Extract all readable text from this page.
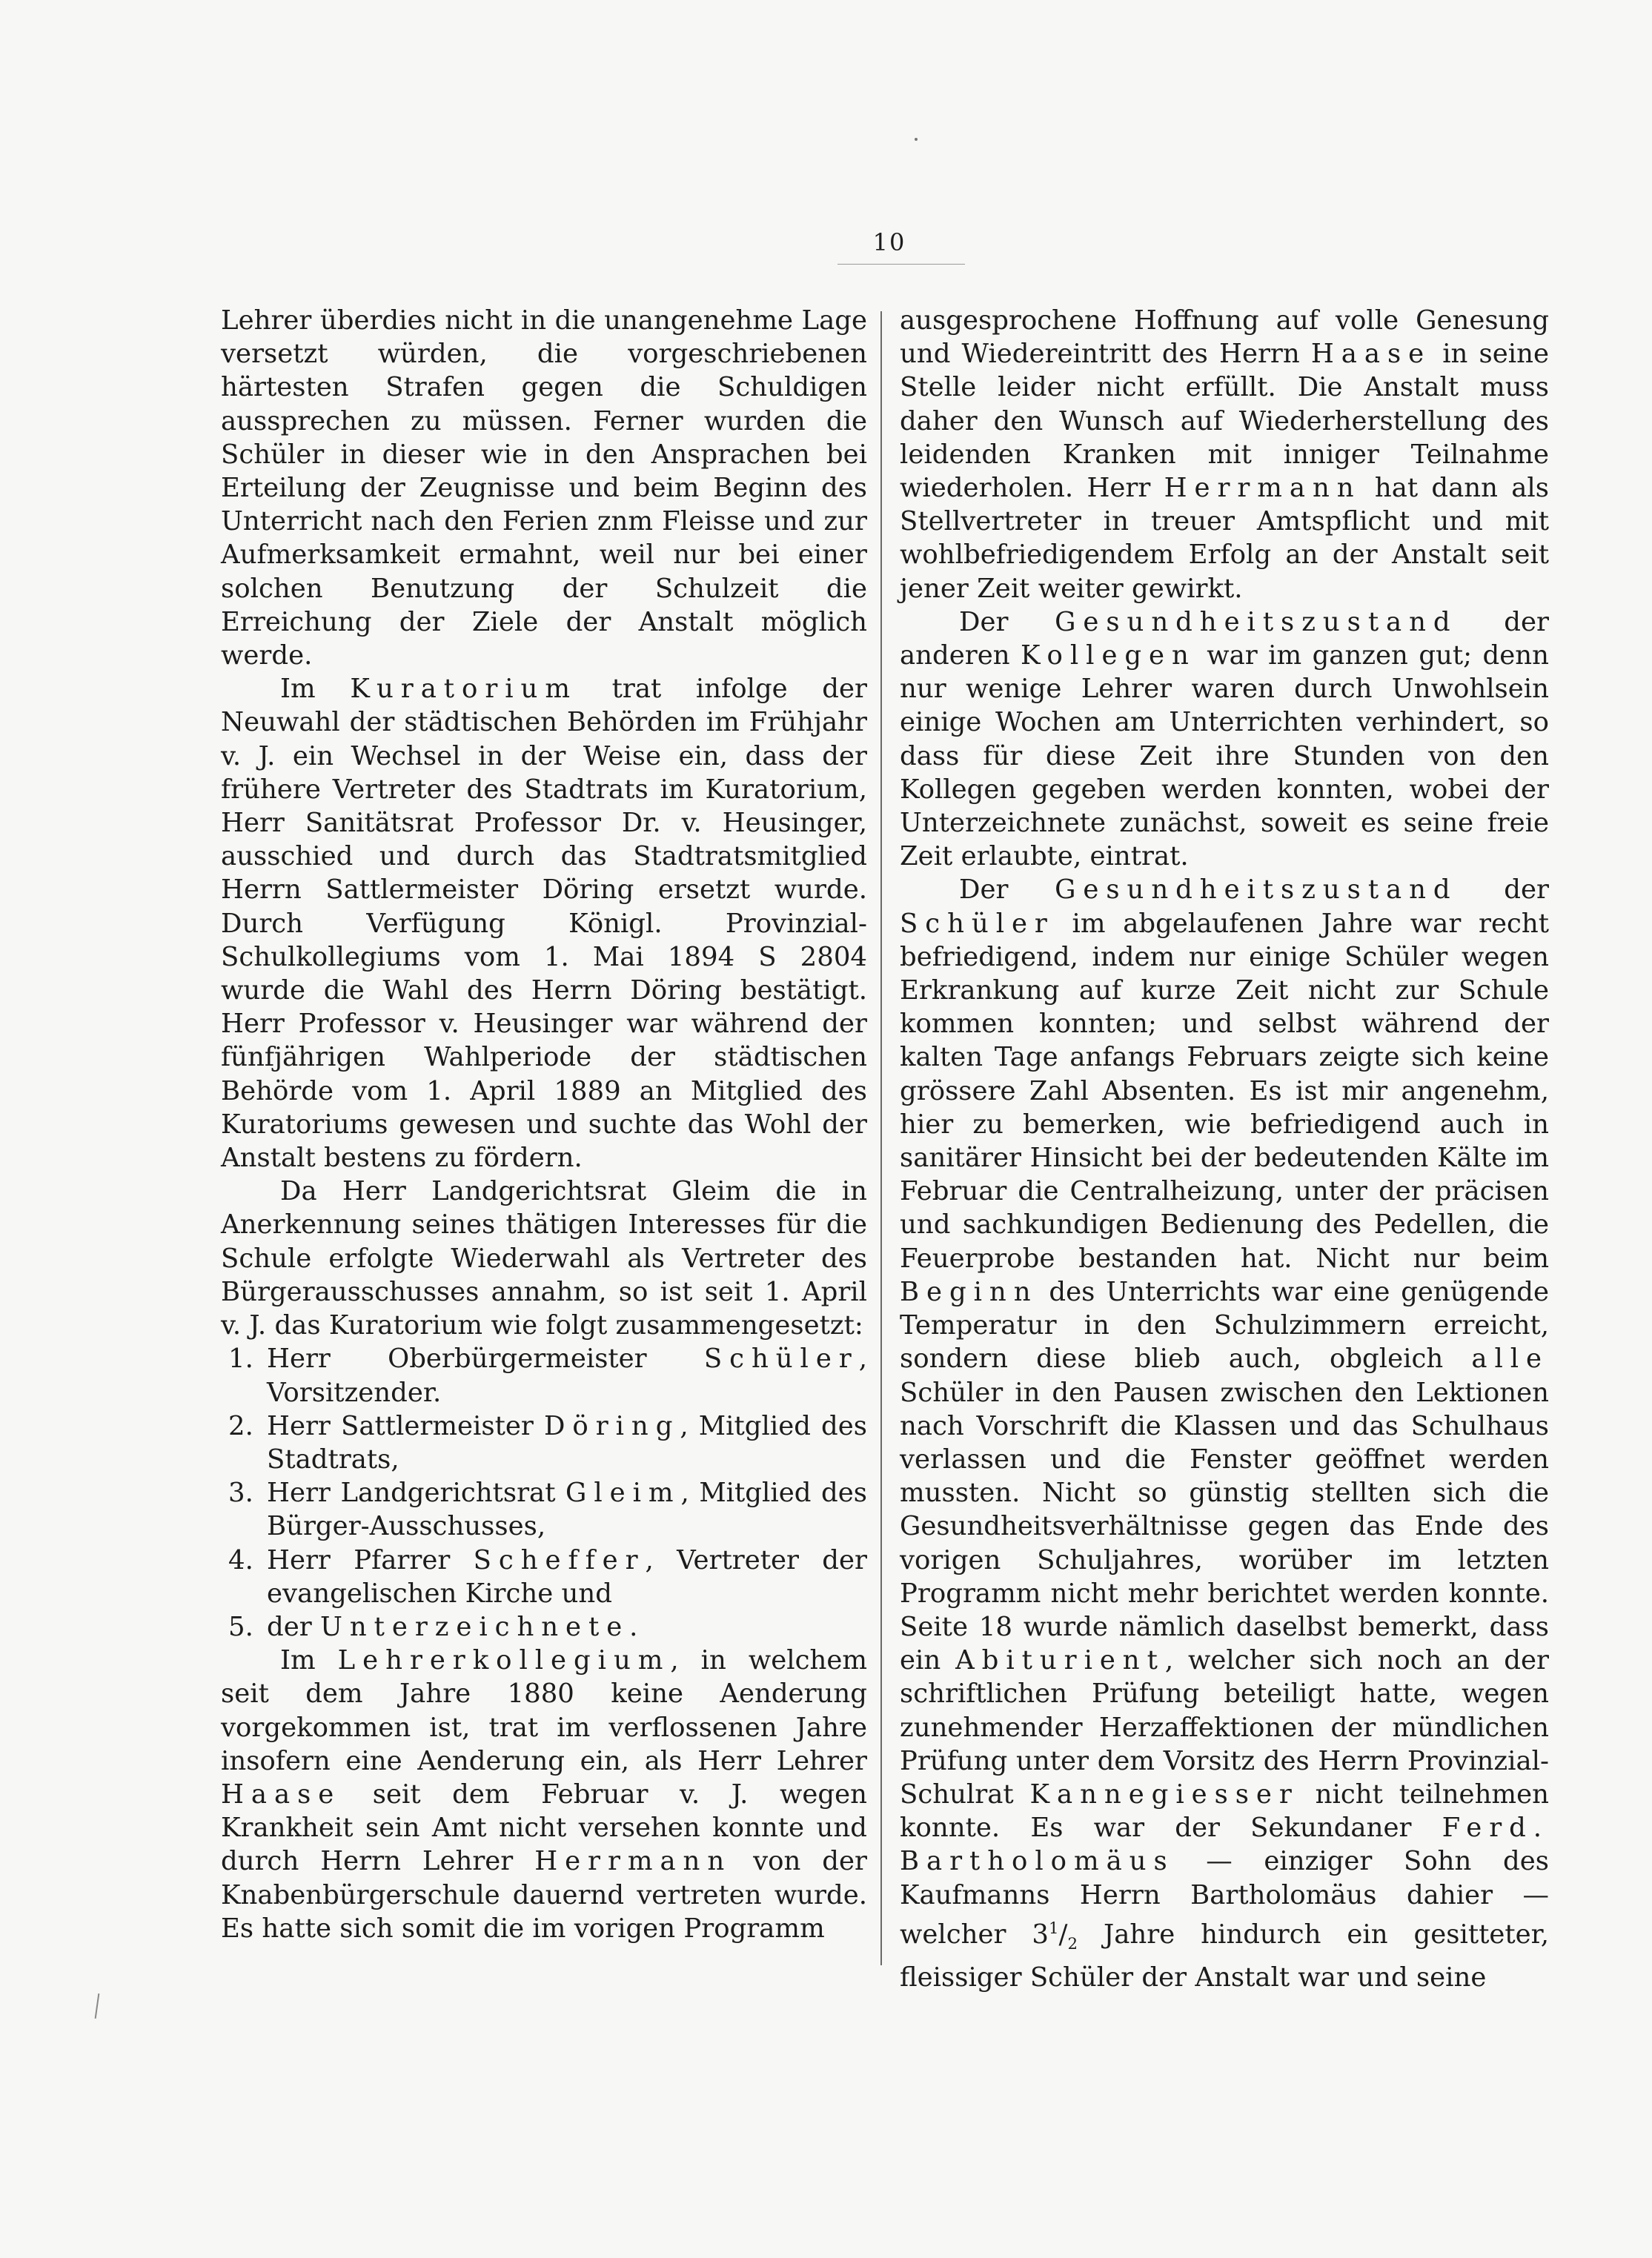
10

Lehrer überdies nicht in die unangenehme Lage versetzt würden, die vorgeschriebenen härtesten Strafen gegen die Schuldigen aussprechen zu müssen. Ferner wurden die Schüler in dieser wie in den Ansprachen bei Erteilung der Zeugnisse und beim Beginn des Unterricht nach den Ferien znm Fleisse und zur Aufmerksamkeit ermahnt, weil nur bei einer solchen Benutzung der Schulzeit die Erreichung der Ziele der Anstalt möglich werde.

Im Kuratorium trat infolge der Neuwahl der städtischen Behörden im Frühjahr v. J. ein Wechsel in der Weise ein, dass der frühere Vertreter des Stadtrats im Kuratorium, Herr Sanitätsrat Professor Dr. v. Heusinger, ausschied und durch das Stadtratsmitglied Herrn Sattlermeister Döring ersetzt wurde. Durch Verfügung Königl. Provinzial-Schulkollegiums vom 1. Mai 1894 S 2804 wurde die Wahl des Herrn Döring bestätigt. Herr Professor v. Heusinger war während der fünfjährigen Wahlperiode der städtischen Behörde vom 1. April 1889 an Mitglied des Kuratoriums gewesen und suchte das Wohl der Anstalt bestens zu fördern.

Da Herr Landgerichtsrat Gleim die in Anerkennung seines thätigen Interesses für die Schule erfolgte Wiederwahl als Vertreter des Bürgerausschusses annahm, so ist seit 1. April v. J. das Kuratorium wie folgt zusammengesetzt:

1. Herr Oberbürgermeister Schüler, Vorsitzender.
2. Herr Sattlermeister Döring, Mitglied des Stadtrats,
3. Herr Landgerichtsrat Gleim, Mitglied des Bürger-Ausschusses,
4. Herr Pfarrer Scheffer, Vertreter der evangelischen Kirche und
5. der Unterzeichnete.

Im Lehrerkollegium, in welchem seit dem Jahre 1880 keine Aenderung vorgekommen ist, trat im verflossenen Jahre insofern eine Aenderung ein, als Herr Lehrer Haase seit dem Februar v. J. wegen Krankheit sein Amt nicht versehen konnte und durch Herrn Lehrer Herrmann von der Knabenbürgerschule dauernd vertreten wurde. Es hatte sich somit die im vorigen Programm

ausgesprochene Hoffnung auf volle Genesung und Wiedereintritt des Herrn Haase in seine Stelle leider nicht erfüllt. Die Anstalt muss daher den Wunsch auf Wiederherstellung des leidenden Kranken mit inniger Teilnahme wiederholen. Herr Herrmann hat dann als Stellvertreter in treuer Amtspflicht und mit wohlbefriedigendem Erfolg an der Anstalt seit jener Zeit weiter gewirkt.

Der Gesundheitszustand der anderen Kollegen war im ganzen gut; denn nur wenige Lehrer waren durch Unwohlsein einige Wochen am Unterrichten verhindert, so dass für diese Zeit ihre Stunden von den Kollegen gegeben werden konnten, wobei der Unterzeichnete zunächst, soweit es seine freie Zeit erlaubte, eintrat.

Der Gesundheitszustand der Schüler im abgelaufenen Jahre war recht befriedigend, indem nur einige Schüler wegen Erkrankung auf kurze Zeit nicht zur Schule kommen konnten; und selbst während der kalten Tage anfangs Februars zeigte sich keine grössere Zahl Absenten. Es ist mir angenehm, hier zu bemerken, wie befriedigend auch in sanitärer Hinsicht bei der bedeutenden Kälte im Februar die Centralheizung, unter der präcisen und sachkundigen Bedienung des Pedellen, die Feuerprobe bestanden hat. Nicht nur beim Beginn des Unterrichts war eine genügende Temperatur in den Schulzimmern erreicht, sondern diese blieb auch, obgleich alle Schüler in den Pausen zwischen den Lektionen nach Vorschrift die Klassen und das Schulhaus verlassen und die Fenster geöffnet werden mussten. Nicht so günstig stellten sich die Gesundheitsverhältnisse gegen das Ende des vorigen Schuljahres, worüber im letzten Programm nicht mehr berichtet werden konnte. Seite 18 wurde nämlich daselbst bemerkt, dass ein Abiturient, welcher sich noch an der schriftlichen Prüfung beteiligt hatte, wegen zunehmender Herzaffektionen der mündlichen Prüfung unter dem Vorsitz des Herrn Provinzial-Schulrat Kannegiesser nicht teilnehmen konnte. Es war der Sekundaner Ferd. Bartholomäus — einziger Sohn des Kaufmanns Herrn Bartholomäus dahier — welcher $3^1/_2$ Jahre hindurch ein gesitteter, fleissiger Schüler der Anstalt war und seine
